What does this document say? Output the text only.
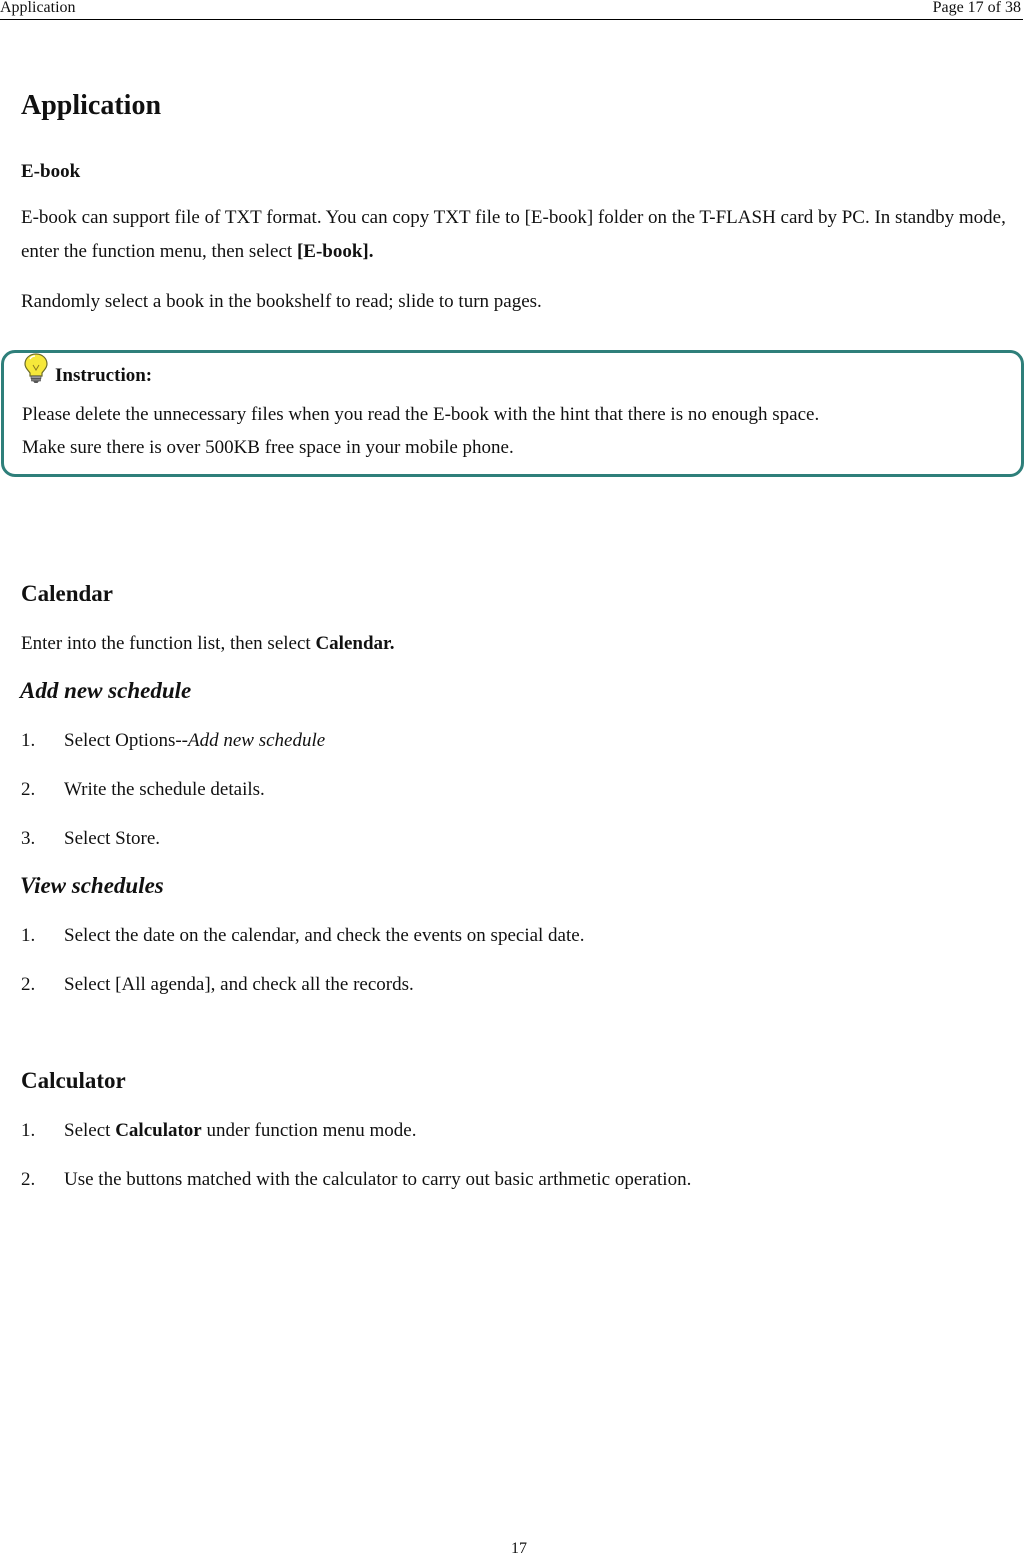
Application	Page 17 of 38
Application
E-book
E-book can support file of TXT format. You can copy TXT file to [E-book] folder on the T-FLASH card by PC. In standby mode, enter the function menu, then select [E-book].
Randomly select a book in the bookshelf to read; slide to turn pages.
Instruction:
Please delete the unnecessary files when you read the E-book with the hint that there is no enough space.
Make sure there is over 500KB free space in your mobile phone.
Calendar
Enter into the function list, then select Calendar.
Add new schedule
1. Select Options--Add new schedule
2. Write the schedule details.
3. Select Store.
View schedules
1. Select the date on the calendar, and check the events on special date.
2. Select [All agenda], and check all the records.
Calculator
1. Select Calculator under function menu mode.
2. Use the buttons matched with the calculator to carry out basic arthmetic operation.
17
